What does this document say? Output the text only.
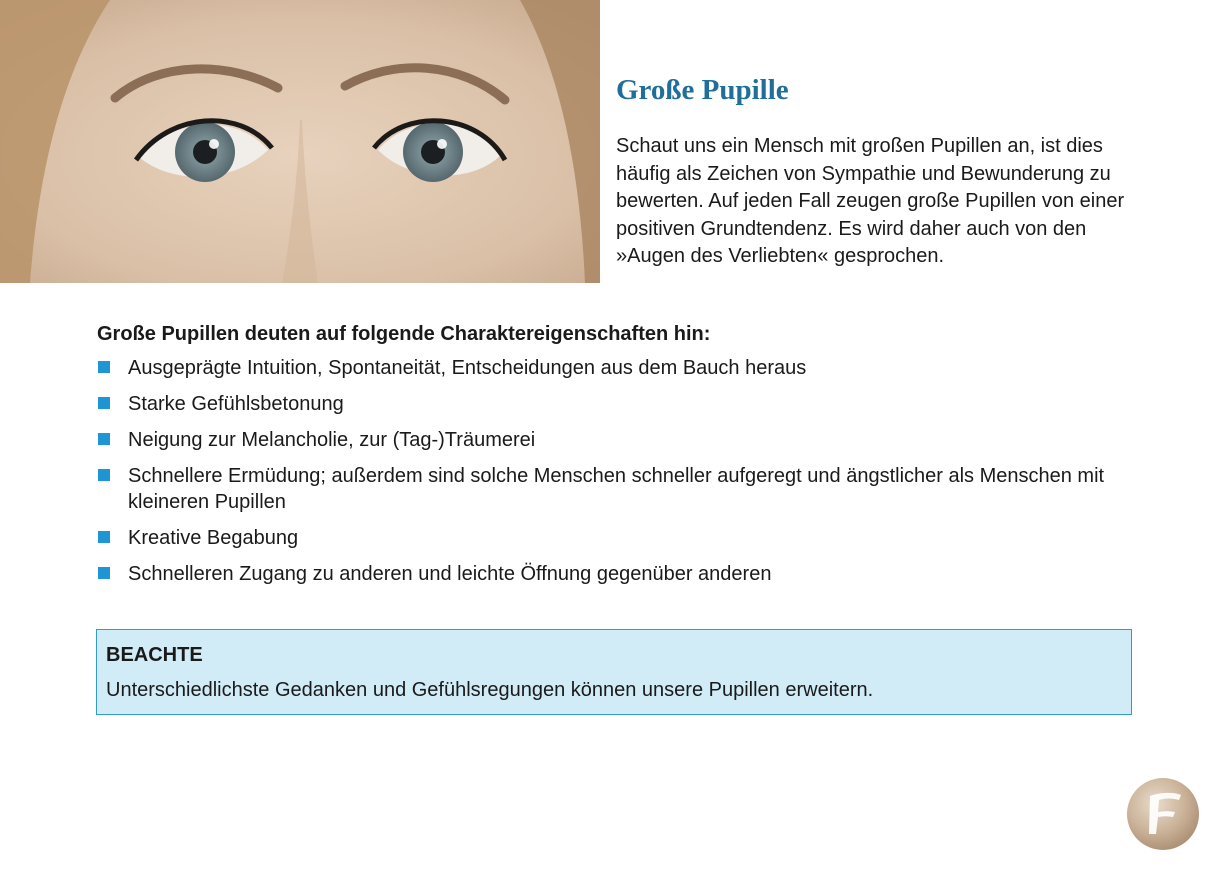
Große Pupille

Schaut uns ein Mensch mit großen Pupillen an, ist dies häufig als Zeichen von Sympathie und Bewunderung zu bewerten. Auf jeden Fall zeugen große Pupillen von einer positiven Grundtendenz. Es wird daher auch von den »Augen des Verliebten« gesprochen.

Große Pupillen deuten auf folgende Charaktereigenschaften hin:

Ausgeprägte Intuition, Spontaneität, Entscheidungen aus dem Bauch heraus
Starke Gefühlsbetonung
Neigung zur Melancholie, zur (Tag-)Träumerei
Schnellere Ermüdung; außerdem sind solche Menschen schneller aufgeregt und ängstlicher als Menschen mit kleineren Pupillen
Kreative Begabung
Schnelleren Zugang zu anderen und leichte Öffnung gegenüber anderen

BEACHTE

Unterschiedlichste Gedanken und Gefühlsregungen können unsere Pupillen erweitern.
